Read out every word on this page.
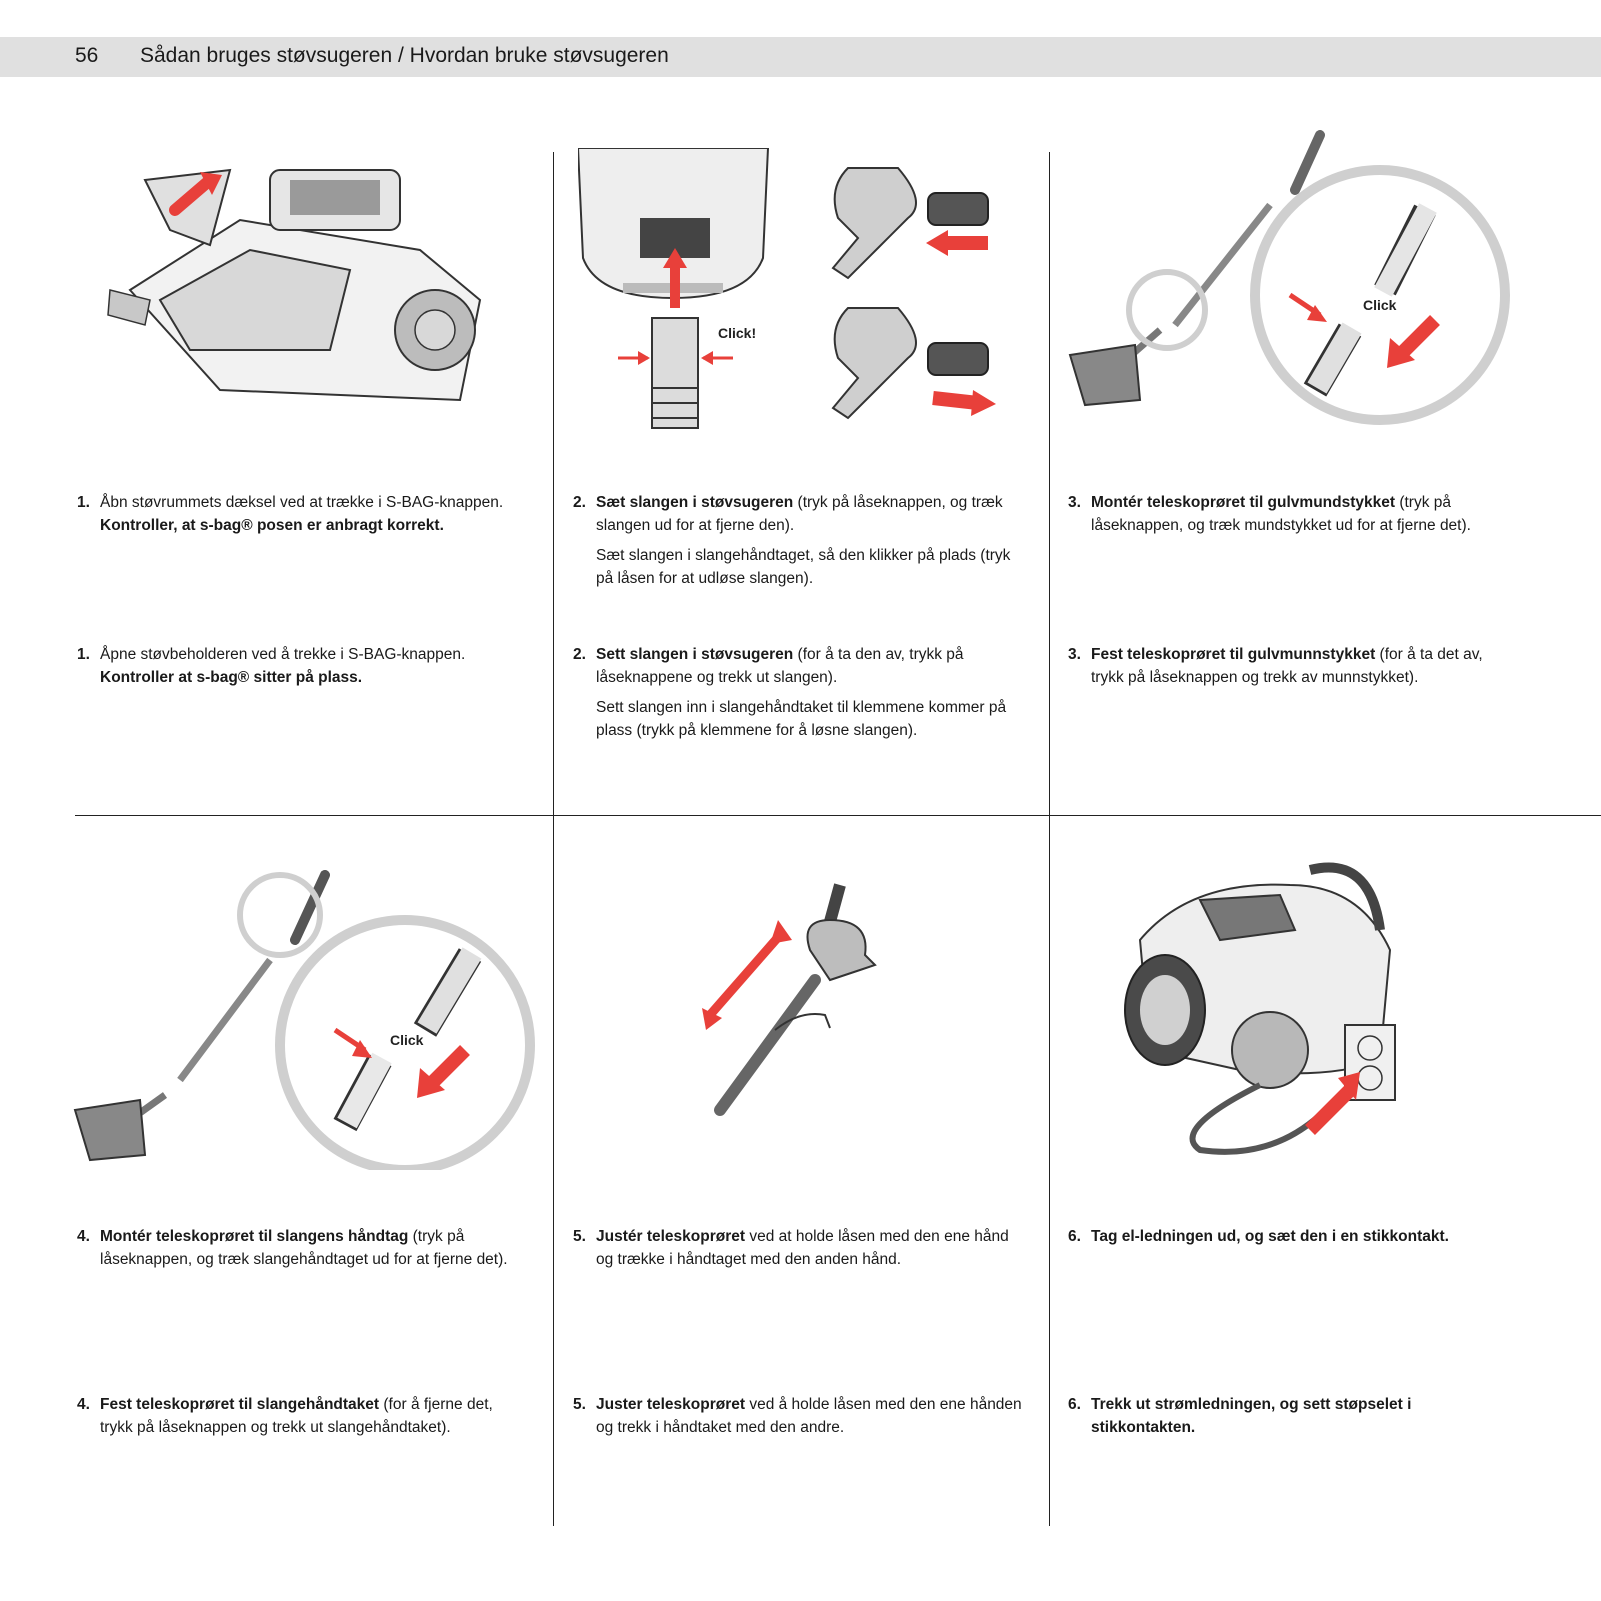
56 Sådan bruges støvsugeren / Hvordan bruke støvsugeren
Click!
Click
Click
1. Åbn støvrummets dæksel ved at trække i S-BAG-knappen. Kontroller, at s-bag® posen er anbragt korrekt.

2. Sæt slangen i støvsugeren (tryk på låseknappen, og træk slangen ud for at fjerne den).

Sæt slangen i slangehåndtaget, så den klikker på plads (tryk på låsen for at udløse slangen).

3. Montér teleskoprøret til gulvmundstykket (tryk på låseknappen, og træk mundstykket ud for at fjerne det).

1. Åpne støvbeholderen ved å trekke i S-BAG-knappen. Kontroller at s-bag® sitter på plass.

2. Sett slangen i støvsugeren (for å ta den av, trykk på låseknappene og trekk ut slangen).

Sett slangen inn i slangehåndtaket til klemmene kommer på plass (trykk på klemmene for å løsne slangen).

3. Fest teleskoprøret til gulvmunnstykket (for å ta det av, trykk på låseknappen og trekk av munnstykket).

4. Montér teleskoprøret til slangens håndtag (tryk på låseknappen, og træk slangehåndtaget ud for at fjerne det).

5. Justér teleskoprøret ved at holde låsen med den ene hånd og trække i håndtaget med den anden hånd.

6. Tag el-ledningen ud, og sæt den i en stikkontakt.

4. Fest teleskoprøret til slangehåndtaket (for å fjerne det, trykk på låseknappen og trekk ut slangehåndtaket).

5. Juster teleskoprøret ved å holde låsen med den ene hånden og trekk i håndtaket med den andre.

6. Trekk ut strømledningen, og sett støpselet i stikkontakten.
